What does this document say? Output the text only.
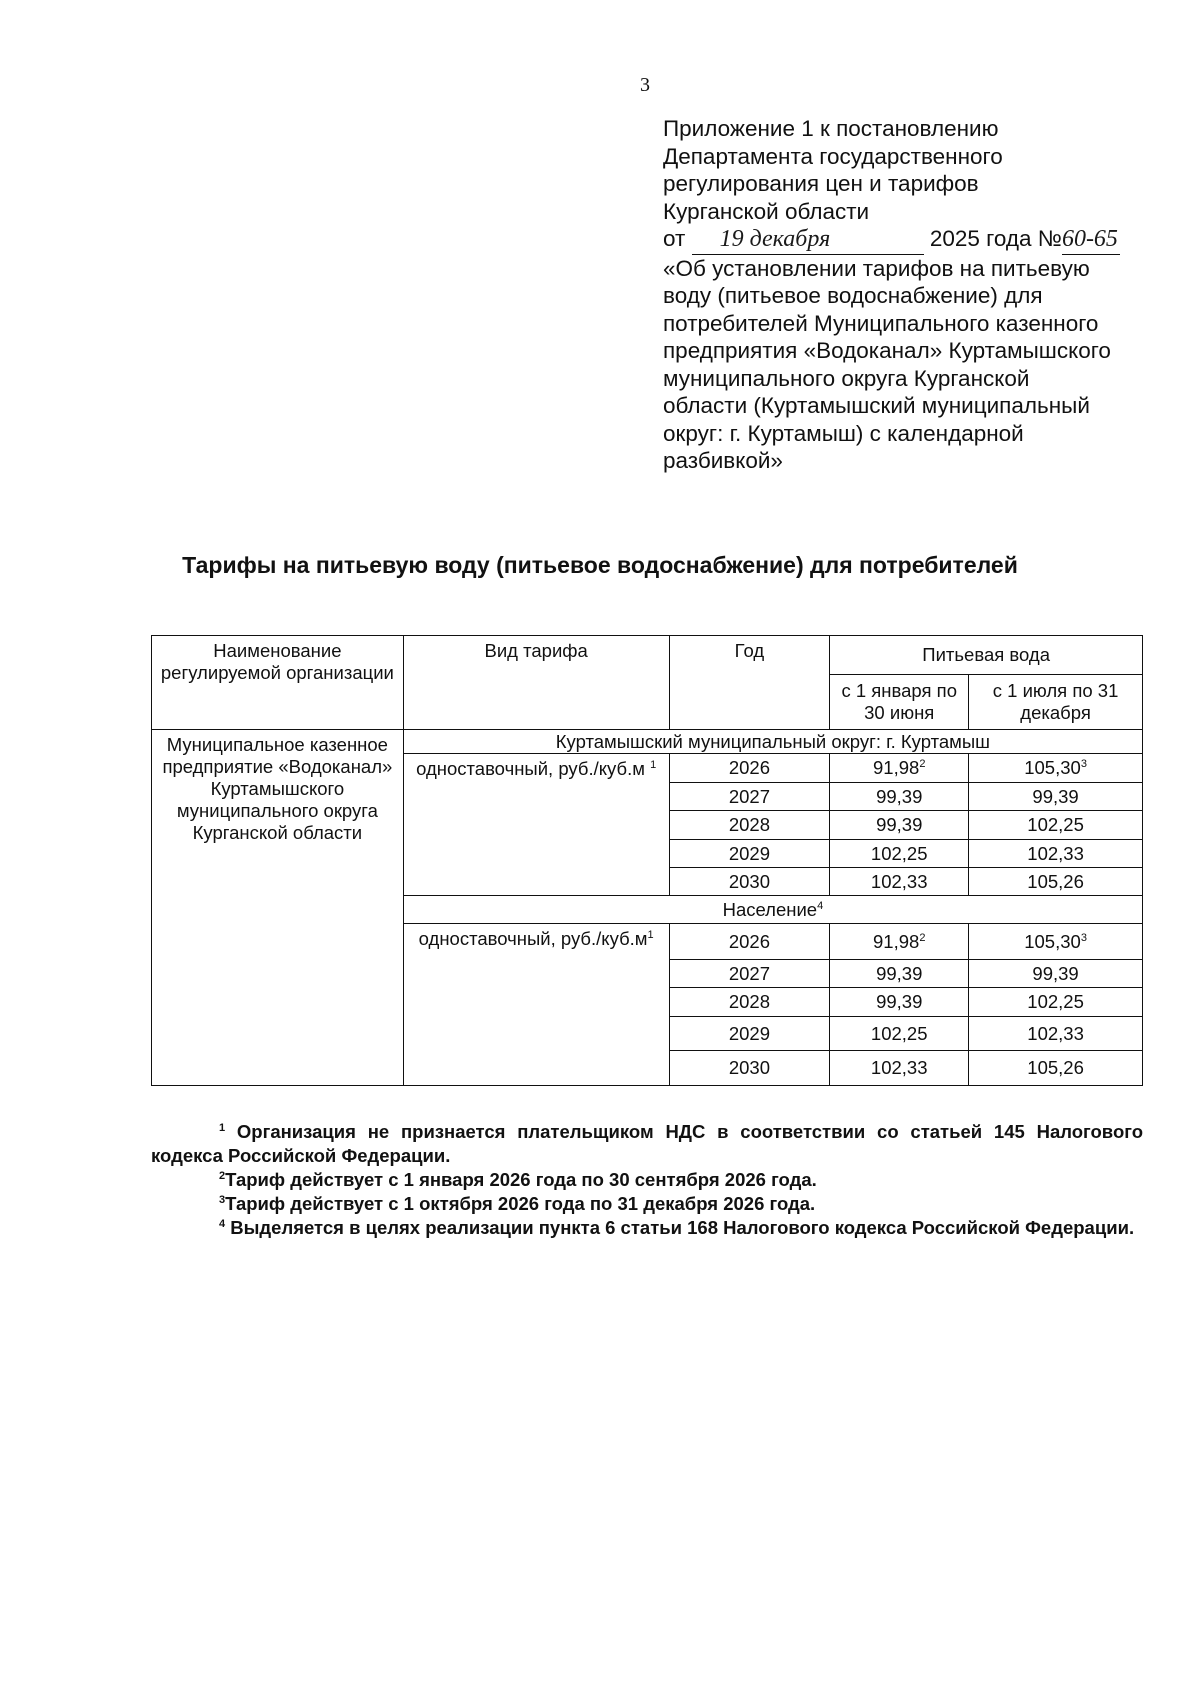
3
Приложение 1 к постановлению
Департамента государственного
регулирования цен и тарифов
Курганской области
от 19 декабря	2025 года №60-65
«Об установлении тарифов на питьевую
воду (питьевое водоснабжение) для
потребителей Муниципального казенного
предприятия «Водоканал» Куртамышского
муниципального округа Курганской
области (Куртамышский муниципальный
округ: г. Куртамыш) с календарной
разбивкой»
Тарифы на питьевую воду (питьевое водоснабжение) для потребителей
Наименование регулируемой организации	Вид тарифа	Год	Питьевая вода	
			с 1 января по 30 июня	с 1 июля по 31 декабря
Муниципальное казенное предприятие «Водоканал» Куртамышского муниципального округа Курганской области	Куртамышский муниципальный округ: г. Куртамыш			
	одноставочный, руб./куб.м $^1$	2026	91,98$^2$	105,30$^3$
		2027	99,39	99,39
		2028	99,39	102,25
		2029	102,25	102,33
		2030	102,33	105,26
	Население$^4$
	одноставочный, $руб./куб.м^1$	2026	91,98$^2$	105,30$^3$
		2027	99,39	99,39
		2028	99,39	102,25
		2029	102,25	102,33
		2030	102,33	105,26
$^1$ Организация не признается плательщиком НДС в соответствии со статьей 145 Налогового кодекса Российской Федерации.
$^2$Тариф действует с 1 января 2026 года по 30 сентября 2026 года.
$^3$Тариф действует с 1 октября 2026 года по 31 декабря 2026 года.
$^4$ Выделяется в целях реализации пункта 6 статьи 168 Налогового кодекса Российской Федерации.
